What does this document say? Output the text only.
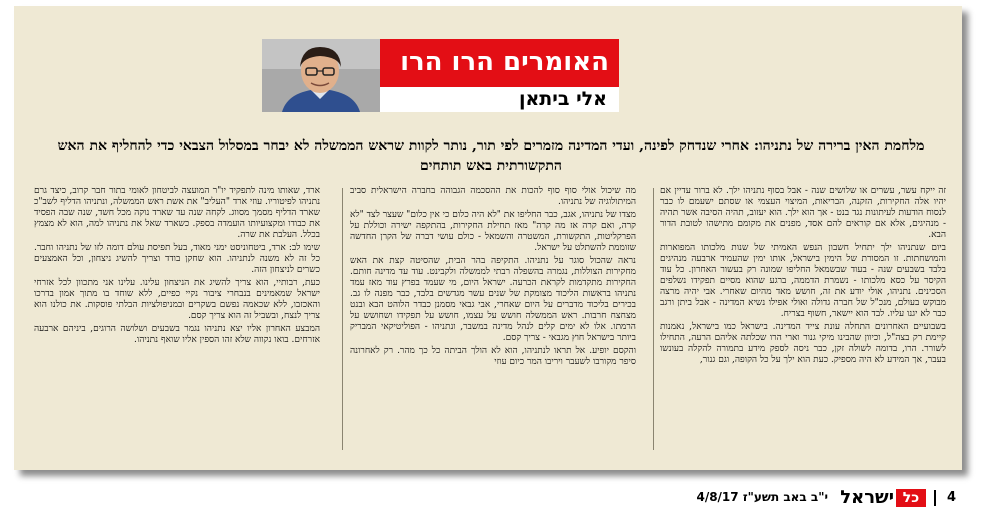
האומרים הרו הרו
אלי ביתאן
מלחמת האין ברירה של נתניהו: אחרי שנדחק לפינה, ועדי המדינה מזמרים לפי תור, נותר לקוות שראש הממשלה לא יבחר במסלול הצבאי כדי להחליף את האש התקשורתית באש תותחים

זה ייקח עשר, עשרים או שלושים שנה - אבל בסוף נתניהו ילך. לא ברור עדיין אם יהיו אלה החקירות, הזקנה, הבריאות, המיצוי העצמי או שסתם ישעמם לו כבר לנסוח הודעות לעיתונות נגד בנט - אך הוא ילך. הוא יעזוב, תהיה הסיבה אשר תהיה - מנהיגים, אלא אם קוראים להם אסד, מפנים את מקומם מתישהו לטובת הדור הבא.

ביום שנתניהו ילך יתחיל חשבון הנפש האמיתי של שנות מלכותו המפוארות והמושחתות. זו המסורת של הימין בישראל, אותו ימין שהעמיד ארבעה מנהיגים בלבד בשבעים שנה - בעוד שבשמאל החליפו שמונה רק בעשור האחרון. כל עוד הקיסר על כסא מלכותו - נשמרת הדממה, ברגע שהוא מסיים תפקידו נשלפים הסכינים. נתניהו, אולי יודע את זה, חושש מאד מהיום שאחרי. אבי יהיה מרצה מבוקש בעולם, מנכ"ל של חברה גדולה ואולי אפילו נשיא המדינה - אבל ביתן ורגב כבר לא יגנו עליו. לבד הוא יישאר, חשוף בצריח.

בשבועיים האחרונים התחלה עונת צייד המדינה. בישראל כמו בישראל, נאמנות קיימת רק בצה"ל, וכיוון שהבינו מיקי גנור וארי הרו שכלתה אליהם הרעה, התחילו לשורר. הרו, בדומה לשולה זקן, כבר ניסה לספק מידע בתמורה להקלה בעונשו בעבר, אך המידע לא היה מספיק. כעת הוא ילך על כל הקופה, וגם גנור,

מה שיכול אולי סוף סוף להכות את ההסכמה הגבוהה בחברה הישראלית סביב המיתולוגיה של נתניהו.

מצדו של נתניהו, אגב, כבר החליפו את "לא היה כלום כי אין כלום" שעצר לצד "לא קרה, ואם קרה אז מה קרה" מאז תחילת החקירות, בהתקפה ישירה וכוללת על הפרקליטות, התקשורת, המשטרה והשמאל - כולם עושי דברה של הקרן החדשה שזוממת להשתלט על ישראל.

נראה שהכול סוגר על נתניהו. התקיפה בהר הבית, שהסיטה קצת את האש מחקירות הצוללות, נגמרה בהשפלה רבתי לממשלה ולקבינט. עוד עד מדינה חותם. החקירות מתקדמות לקראת הכרעה. ישראל היום, מי שעמד בפרץ עוד מאז עמד נתניהו בראשות הליכוד מצומקת של שנים עשר מגדשים בלבד, כבר מפנה לו גב. בכירים בליכוד מדברים על היום שאחרי, אבי גבאי מסמנן כבדר הלוהט הבא ובנט מצחצח חרבות. ראש הממשלה חושש על עצמו, חושש על תפקידו ושחושש על הרמתו. אלו לא ימים קלים לנהל מדינה במשבר, ונתניהו - הפוליטיקאי המבריק ביותר בישראל חוץ מגבאי - צריך קסם.

והקסם יופיע. אל תראו לנתניהו, הוא לא הולך הביתה כל כך מהר. רק לאחרונה סיפר מקורבו לשעבר ויריבו המר כיום עוזי

ארד, שאותו מינה לתפקיד יו"ר המועצה לביטחון לאומי בתור חבר קרוב, כיצד גרם נתניהו לפיטוריו. עוזי ארד "העליב" את אשת ראש הממשלה, ונתניהו הדליף לשב"כ שארד הדליף מסמך מסווג. לקחה שנה עד שארד נוקה מכל חשד, שנה שבה הפסיד את כבודו ומקצועיותו הועמדה בספק. כשארד שאל את נתניהו למה, הוא לא מצמץ בכלל. העלבת את שרה.

שימו לב: ארד, ביטחוניסט ימני מאוד, בעל תפיסת עולם דומה לזו של נתניהו וחבר. כל זה לא משנה לנתניהו. הוא שחקן בודד וצריך להשיג ניצחון, וכל האמצעים כשרים לניצחון הזה.

כעת, רבותיי, הוא צריך להשיג את הניצחון עלינו. עלינו אני מתכוון לכל אזרחי ישראל שמאמינים בנבחרי ציבור נקיי כפיים, ללא שוחד בו מתוך אמון בדרכו והאכזבו, ללא שכאמה נפשם בשקרים ובמניפולציות הבלתי פוסקות. את כולנו הוא צריך לנצח, ובשביל זה הוא צריך קסם.

המבצע האחרון אליו יצא נתניהו נגמר בשבעים ושלושה הרוגים, ביניהם ארבעה אזרחים. בואו נקווה שלא זהו הספין אליו שואף נתניהו.

4
כל
ישראל
י"ב באב תשע"ז 4/8/17
